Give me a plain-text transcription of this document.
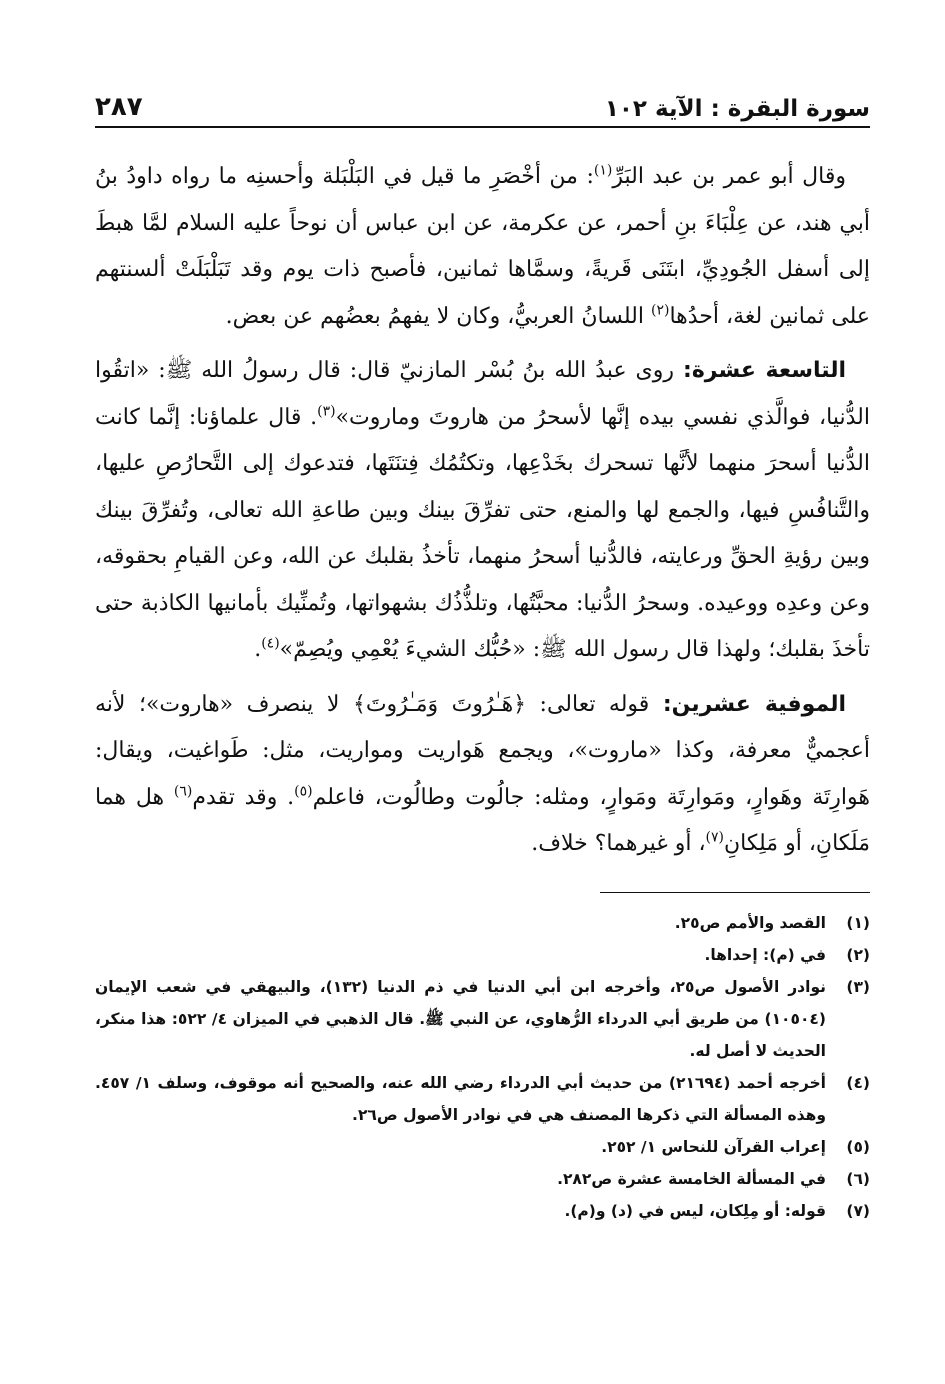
سورة البقرة : الآية ١٠٢
٢٨٧

وقال أبو عمر بن عبد البَرِّ$^{(١)}$: من أخْصَرِ ما قيل في البَلْبَلة وأحسنِه ما رواه داودُ بنُ أبي هند، عن عِلْبَاءَ بنِ أحمر، عن عكرمة، عن ابن عباس أن نوحاً عليه السلام لمَّا هبطَ إلى أسفل الجُودِيِّ، ابتَنَى قَريةً، وسمَّاها ثمانين، فأصبح ذات يوم وقد تَبَلْبَلَتْ ألسنتهم على ثمانين لغة، أحدُها$^{(٢)}$ اللسانُ العربيُّ، وكان لا يفهمُ بعضُهم عن بعض.

التاسعة عشرة: روى عبدُ الله بنُ بُسْر المازنيّ قال: قال رسولُ الله ﷺ: «اتقُوا الدُّنيا، فوالَّذي نفسي بيده إنَّها لأسحرُ من هاروتَ وماروت»$^{(٣)}$. قال علماؤنا: إنَّما كانت الدُّنيا أسحرَ منهما لأنَّها تسحرك بخَدْعِها، وتكتُمُك فِتنَتَها، فتدعوك إلى التَّحارُصِ عليها، والتَّنافُسِ فيها، والجمع لها والمنع، حتى تفرِّقَ بينك وبين طاعةِ الله تعالى، وتُفرِّقَ بينك وبين رؤيةِ الحقِّ ورعايته، فالدُّنيا أسحرُ منهما، تأخذُ بقلبك عن الله، وعن القيامِ بحقوقه، وعن وعدِه ووعيده. وسحرُ الدُّنيا: محبَّتُها، وتلذُّذُك بشهواتها، وتُمنِّيك بأمانيها الكاذبة حتى تأخذَ بقلبك؛ ولهذا قال رسول الله ﷺ: «حُبُّك الشيءَ يُعْمِي ويُصِمّ»$^{(٤)}$.

الموفية عشرين: قوله تعالى: ﴿هَـٰرُوتَ وَمَـٰرُوتَ﴾ لا ينصرف «هاروت»؛ لأنه أعجميٌّ معرفة، وكذا «ماروت»، ويجمع هَواريت ومواريت، مثل: طَواغيت، ويقال: هَوارِتَة وهَوارٍ، ومَوارِتَة ومَوارٍ، ومثله: جالُوت وطالُوت، فاعلم$^{(٥)}$. وقد تقدم$^{(٦)}$ هل هما مَلَكانِ، أو مَلِكانِ$^{(٧)}$، أو غيرهما؟ خلاف.

(١)
القصد والأمم ص٢٥.
(٢)
في (م): إحداها.
(٣)
نوادر الأصول ص٢٥، وأخرجه ابن أبي الدنيا في ذم الدنيا (١٣٢)، والبيهقي في شعب الإيمان (١٠٥٠٤) من طريق أبي الدرداء الرُّهاوي، عن النبي ﷺ. قال الذهبي في الميزان ٤/ ٥٢٢: هذا منكر، الحديث لا أصل له.
(٤)
أخرجه أحمد (٢١٦٩٤) من حديث أبي الدرداء رضي الله عنه، والصحيح أنه موقوف، وسلف ١/ ٤٥٧. وهذه المسألة التي ذكرها المصنف هي في نوادر الأصول ص٢٦.
(٥)
إعراب القرآن للنحاس ١/ ٢٥٢.
(٦)
في المسألة الخامسة عشرة ص٢٨٢.
(٧)
قوله: أو مِلِكان، ليس في (د) و(م).
